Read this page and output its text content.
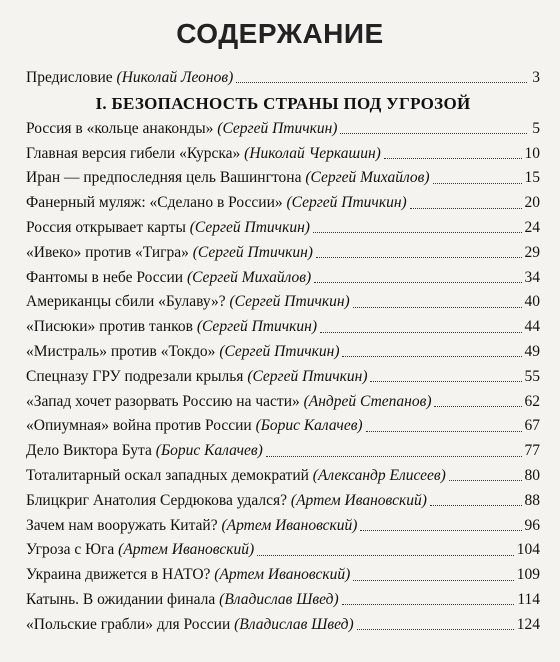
СОДЕРЖАНИЕ
Предисловие (Николай Леонов)	3
I. БЕЗОПАСНОСТЬ СТРАНЫ ПОД УГРОЗОЙ
Россия в «кольце анаконды» (Сергей Птичкин)	5
Главная версия гибели «Курска» (Николай Черкашин)	10
Иран — предпоследняя цель Вашингтона (Сергей Михайлов)	15
Фанерный муляж: «Сделано в России» (Сергей Птичкин)	20
Россия открывает карты (Сергей Птичкин)	24
«Ивеко» против «Тигра» (Сергей Птичкин)	29
Фантомы в небе России (Сергей Михайлов)	34
Американцы сбили «Булаву»? (Сергей Птичкин)	40
«Писюки» против танков (Сергей Птичкин)	44
«Мистраль» против «Токдо» (Сергей Птичкин)	49
Спецназу ГРУ подрезали крылья (Сергей Птичкин)	55
«Запад хочет разорвать Россию на части» (Андрей Степанов)	62
«Опиумная» война против России (Борис Калачев)	67
Дело Виктора Бута (Борис Калачев)	77
Тоталитарный оскал западных демократий (Александр Елисеев)	80
Блицкриг Анатолия Сердюкова удался? (Артем Ивановский)	88
Зачем нам вооружать Китай? (Артем Ивановский)	96
Угроза с Юга (Артем Ивановский)	104
Украина движется в НАТО? (Артем Ивановский)	109
Катынь. В ожидании финала (Владислав Швед)	114
«Польские грабли» для России (Владислав Швед)	124
